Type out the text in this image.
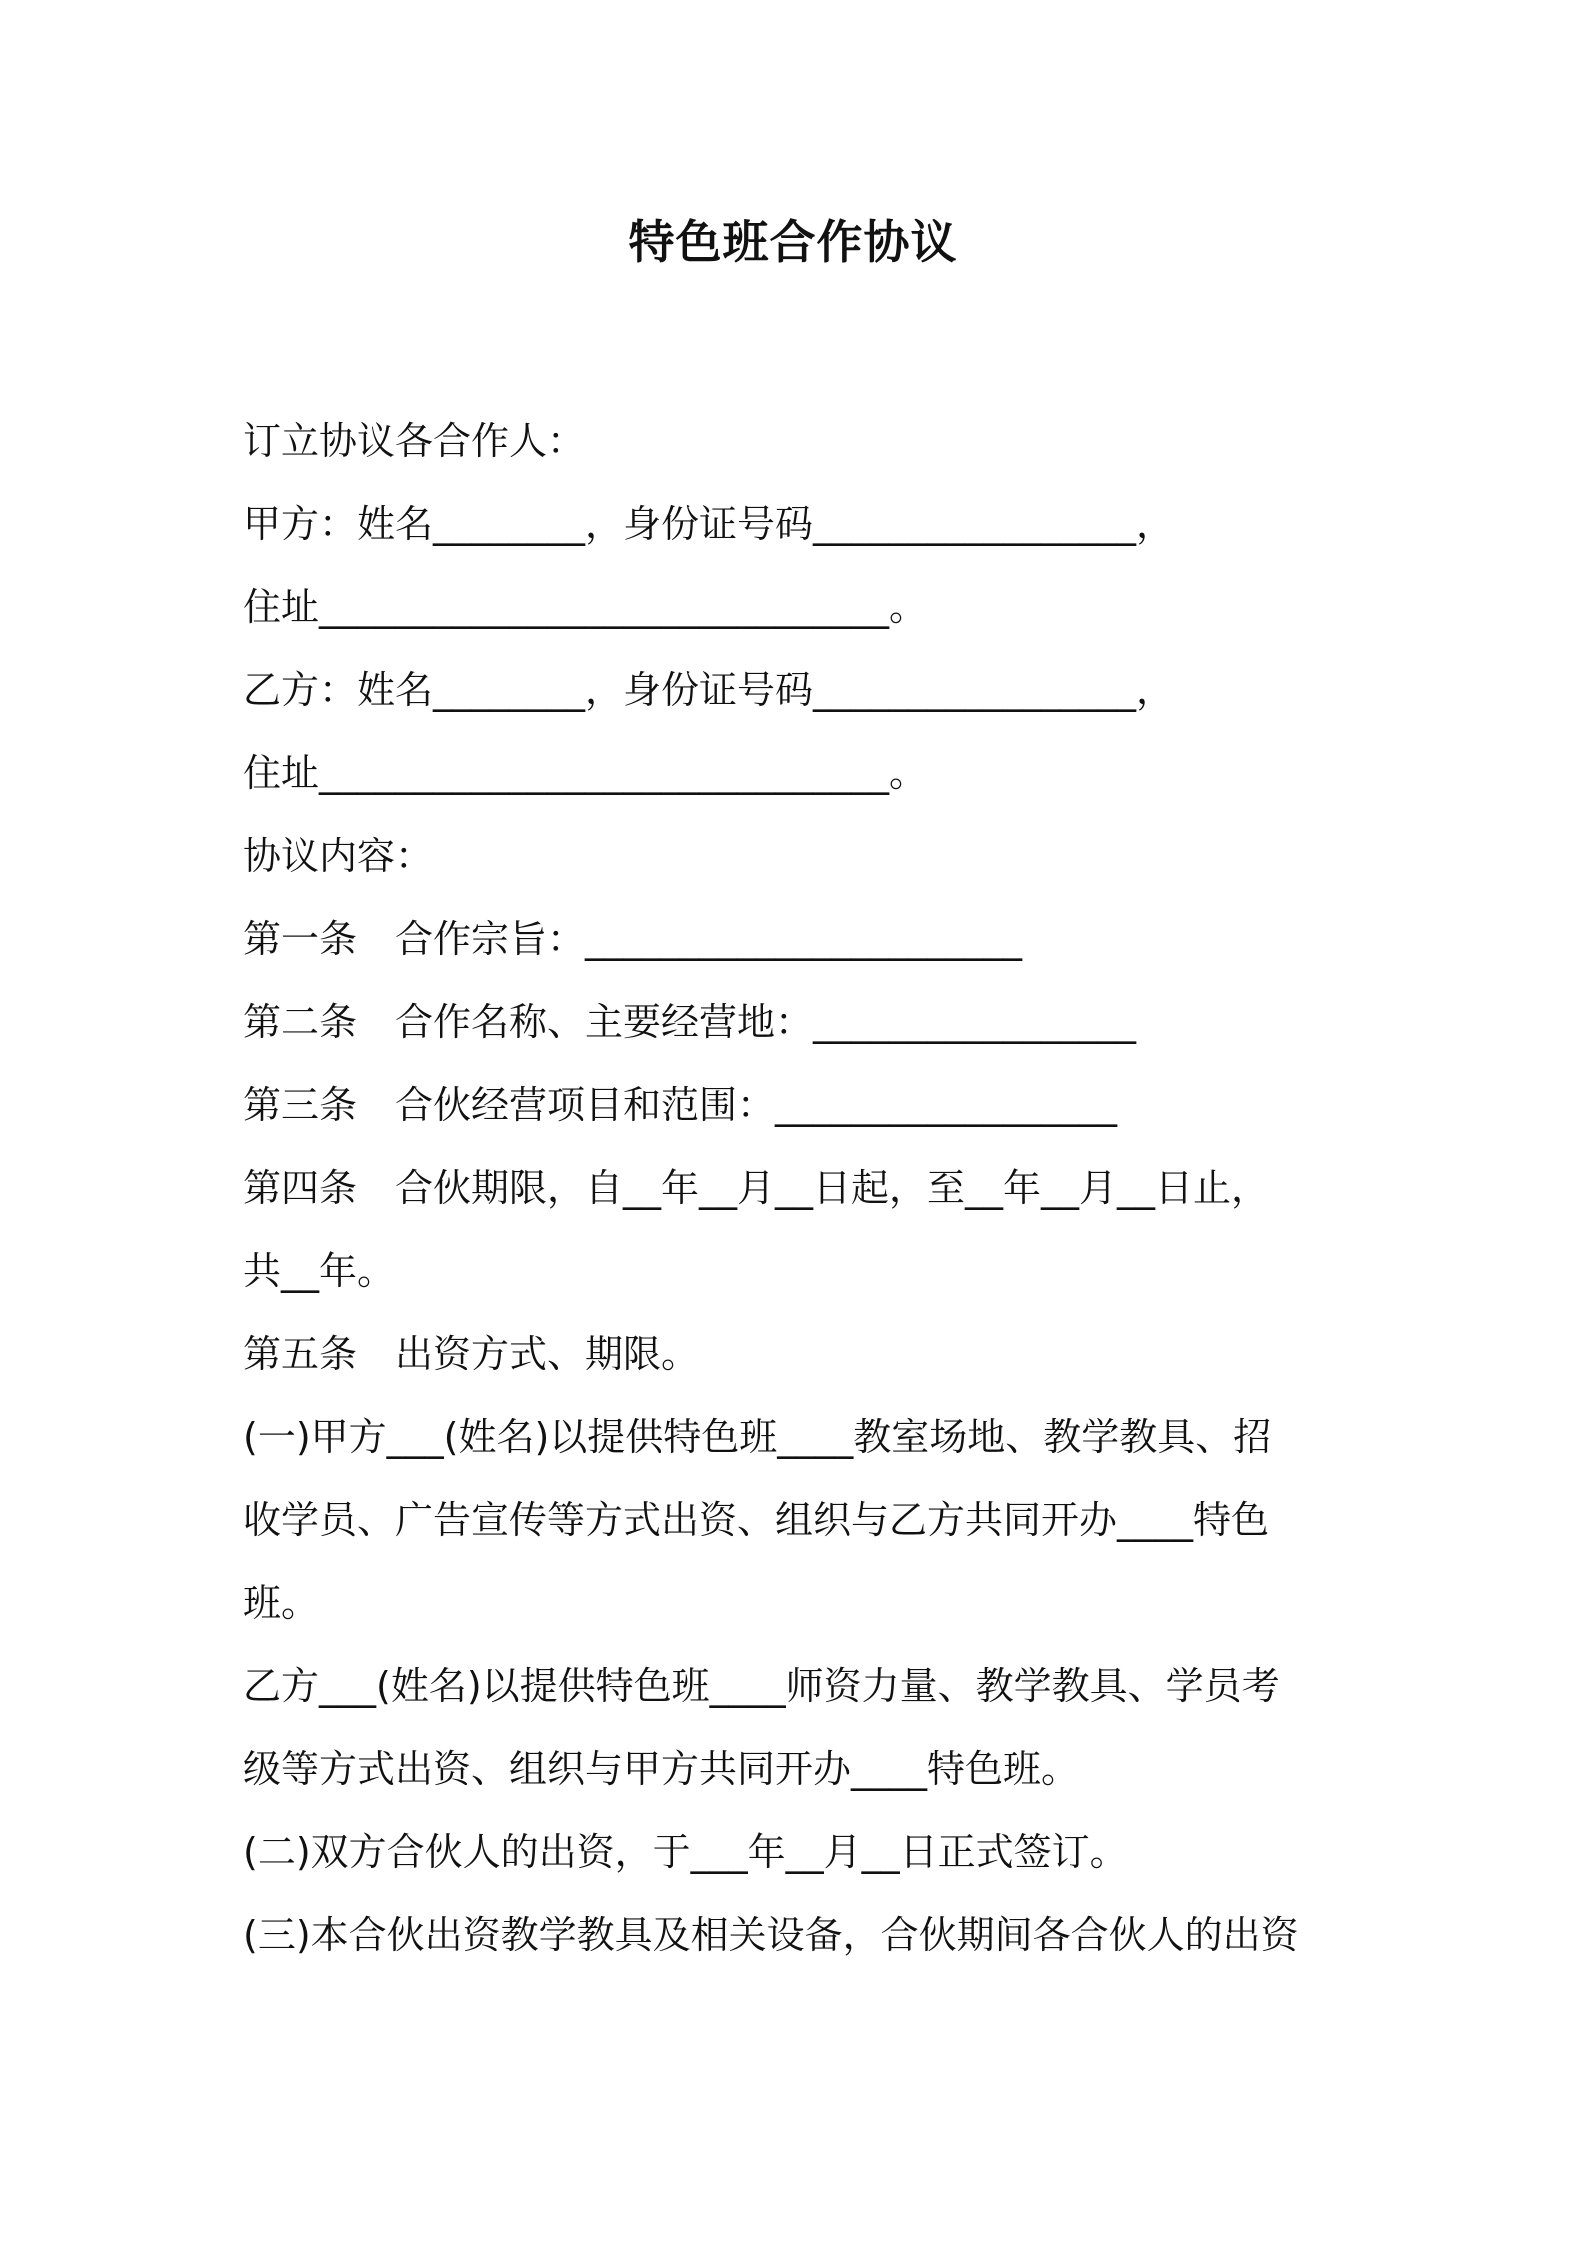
特色班合作协议
订立协议各合作人：
甲方：姓名________，身份证号码_________________，
住址______________________________。
乙方：姓名________，身份证号码_________________，
住址______________________________。
协议内容：
第一条　合作宗旨：_______________________
第二条　合作名称、主要经营地：_________________
第三条　合伙经营项目和范围：__________________
第四条　合伙期限，自__年__月__日起，至__年__月__日止，
共__年。
第五条　出资方式、期限。
(一)甲方___(姓名)以提供特色班____教室场地、教学教具、招
收学员、广告宣传等方式出资、组织与乙方共同开办____特色
班。
乙方___(姓名)以提供特色班____师资力量、教学教具、学员考
级等方式出资、组织与甲方共同开办____特色班。
(二)双方合伙人的出资，于___年__月__日正式签订。
(三)本合伙出资教学教具及相关设备，合伙期间各合伙人的出资
